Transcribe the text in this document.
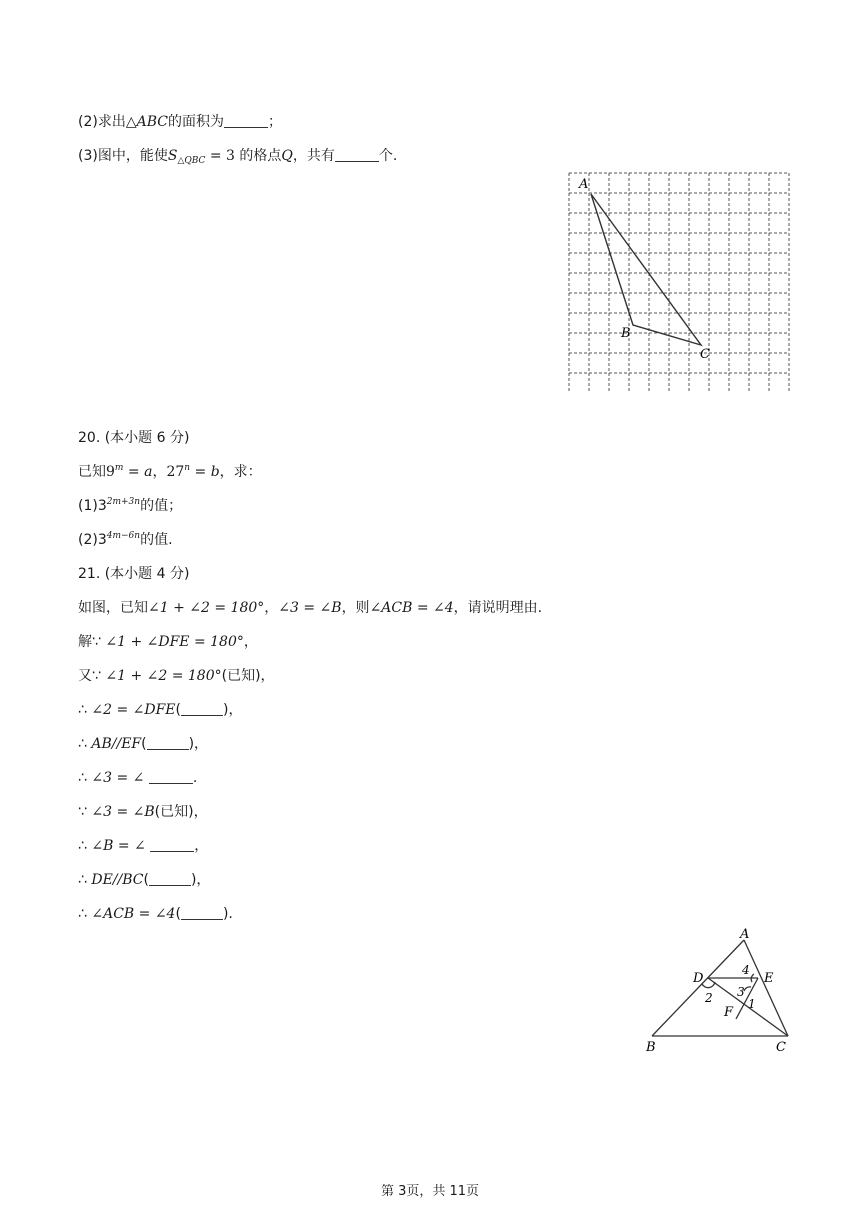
(2)求出△ABC的面积为	；
(3)图中，能使$S_{\triangle QBC} = 3$ 的格点Q，共有	个.
A
B
C
20. (本小题 6 分)
已知$9^m = a$，$27^n = b$，求：
$(1)3^{2m+3n}$的值；
$(2)3^{4m-6n}$的值.
21. (本小题 4 分)
如图，已知∠1 + ∠2 = 180°，∠3 = ∠B，则∠ACB = ∠4，请说明理由.
解∵ ∠1 + ∠DFE = 180°，
又∵ ∠1 + ∠2 = 180°(已知)，
∴ ∠2 = ∠DFE(	)，
∴ AB//EF(	)，
∴ ∠3 = ∠	.
∵ ∠3 = ∠B(已知)，
∴ ∠B = ∠	，
∴ DE//BC(	)，
∴ ∠ACB = ∠4(	).
A
D	E
F
B	C
4
2 3
1
第 3页，共 11页
